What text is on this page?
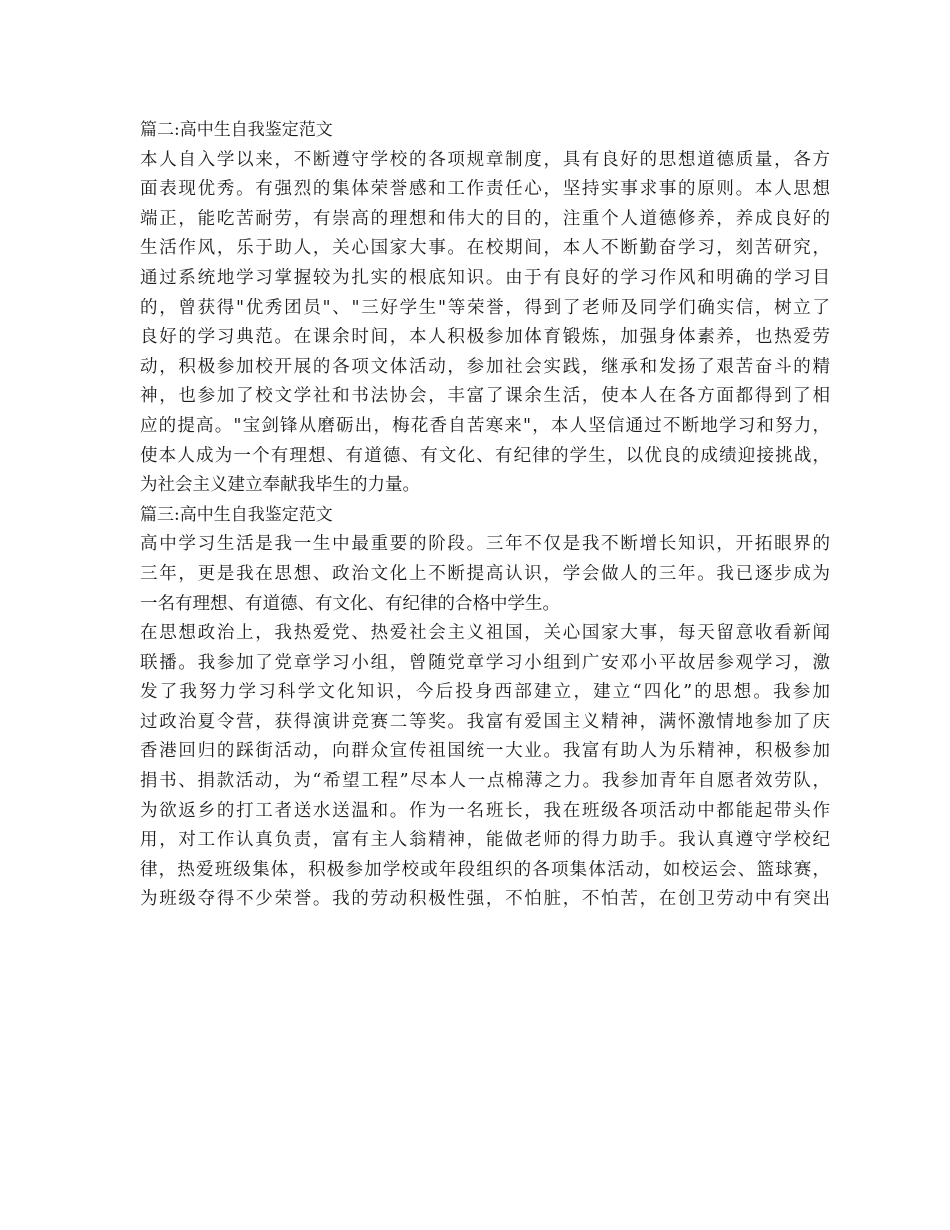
篇二:高中生自我鉴定范文
本人自入学以来，不断遵守学校的各项规章制度，具有良好的思想道德质量，各方
面表现优秀。有强烈的集体荣誉感和工作责任心，坚持实事求事的原则。本人思想
端正，能吃苦耐劳，有崇高的理想和伟大的目的，注重个人道德修养，养成良好的
生活作风，乐于助人，关心国家大事。在校期间，本人不断勤奋学习，刻苦研究，
通过系统地学习掌握较为扎实的根底知识。由于有良好的学习作风和明确的学习目
的，曾获得"优秀团员"、"三好学生"等荣誉，得到了老师及同学们确实信，树立了
良好的学习典范。在课余时间，本人积极参加体育锻炼，加强身体素养，也热爱劳
动，积极参加校开展的各项文体活动，参加社会实践，继承和发扬了艰苦奋斗的精
神，也参加了校文学社和书法协会，丰富了课余生活，使本人在各方面都得到了相
应的提高。"宝剑锋从磨砺出，梅花香自苦寒来"，本人坚信通过不断地学习和努力，
使本人成为一个有理想、有道德、有文化、有纪律的学生，以优良的成绩迎接挑战，
为社会主义建立奉献我毕生的力量。
篇三:高中生自我鉴定范文
高中学习生活是我一生中最重要的阶段。三年不仅是我不断增长知识，开拓眼界的
三年，更是我在思想、政治文化上不断提高认识，学会做人的三年。我已逐步成为
一名有理想、有道德、有文化、有纪律的合格中学生。
在思想政治上，我热爱党、热爱社会主义祖国，关心国家大事，每天留意收看新闻
联播。我参加了党章学习小组，曾随党章学习小组到广安邓小平故居参观学习，激
发了我努力学习科学文化知识，今后投身西部建立，建立“四化”的思想。我参加
过政治夏令营，获得演讲竞赛二等奖。我富有爱国主义精神，满怀激情地参加了庆
香港回归的踩街活动，向群众宣传祖国统一大业。我富有助人为乐精神，积极参加
捐书、捐款活动，为“希望工程”尽本人一点棉薄之力。我参加青年自愿者效劳队，
为欲返乡的打工者送水送温和。作为一名班长，我在班级各项活动中都能起带头作
用，对工作认真负责，富有主人翁精神，能做老师的得力助手。我认真遵守学校纪
律，热爱班级集体，积极参加学校或年段组织的各项集体活动，如校运会、篮球赛，
为班级夺得不少荣誉。我的劳动积极性强，不怕脏，不怕苦，在创卫劳动中有突出
